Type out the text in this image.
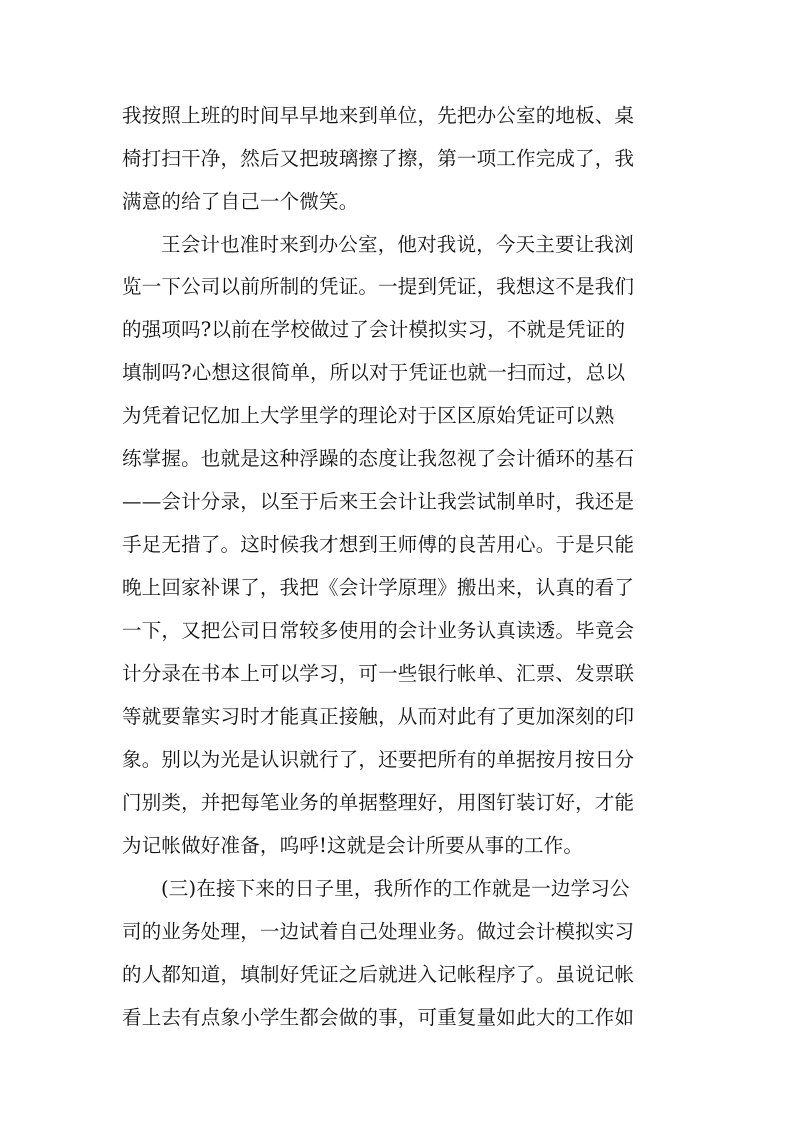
我按照上班的时间早早地来到单位，先把办公室的地板、桌
椅打扫干净，然后又把玻璃擦了擦，第一项工作完成了，我
满意的给了自己一个微笑。
王会计也准时来到办公室，他对我说，今天主要让我浏
览一下公司以前所制的凭证。一提到凭证，我想这不是我们
的强项吗?以前在学校做过了会计模拟实习，不就是凭证的
填制吗?心想这很简单，所以对于凭证也就一扫而过，总以
为凭着记忆加上大学里学的理论对于区区原始凭证可以熟
练掌握。也就是这种浮躁的态度让我忽视了会计循环的基石
——会计分录，以至于后来王会计让我尝试制单时，我还是
手足无措了。这时候我才想到王师傅的良苦用心。于是只能
晚上回家补课了，我把《会计学原理》搬出来，认真的看了
一下，又把公司日常较多使用的会计业务认真读透。毕竟会
计分录在书本上可以学习，可一些银行帐单、汇票、发票联
等就要靠实习时才能真正接触，从而对此有了更加深刻的印
象。别以为光是认识就行了，还要把所有的单据按月按日分
门别类，并把每笔业务的单据整理好，用图钉装订好，才能
为记帐做好准备，呜呼!这就是会计所要从事的工作。
(三)在接下来的日子里，我所作的工作就是一边学习公
司的业务处理，一边试着自己处理业务。做过会计模拟实习
的人都知道，填制好凭证之后就进入记帐程序了。虽说记帐
看上去有点象小学生都会做的事，可重复量如此大的工作如
